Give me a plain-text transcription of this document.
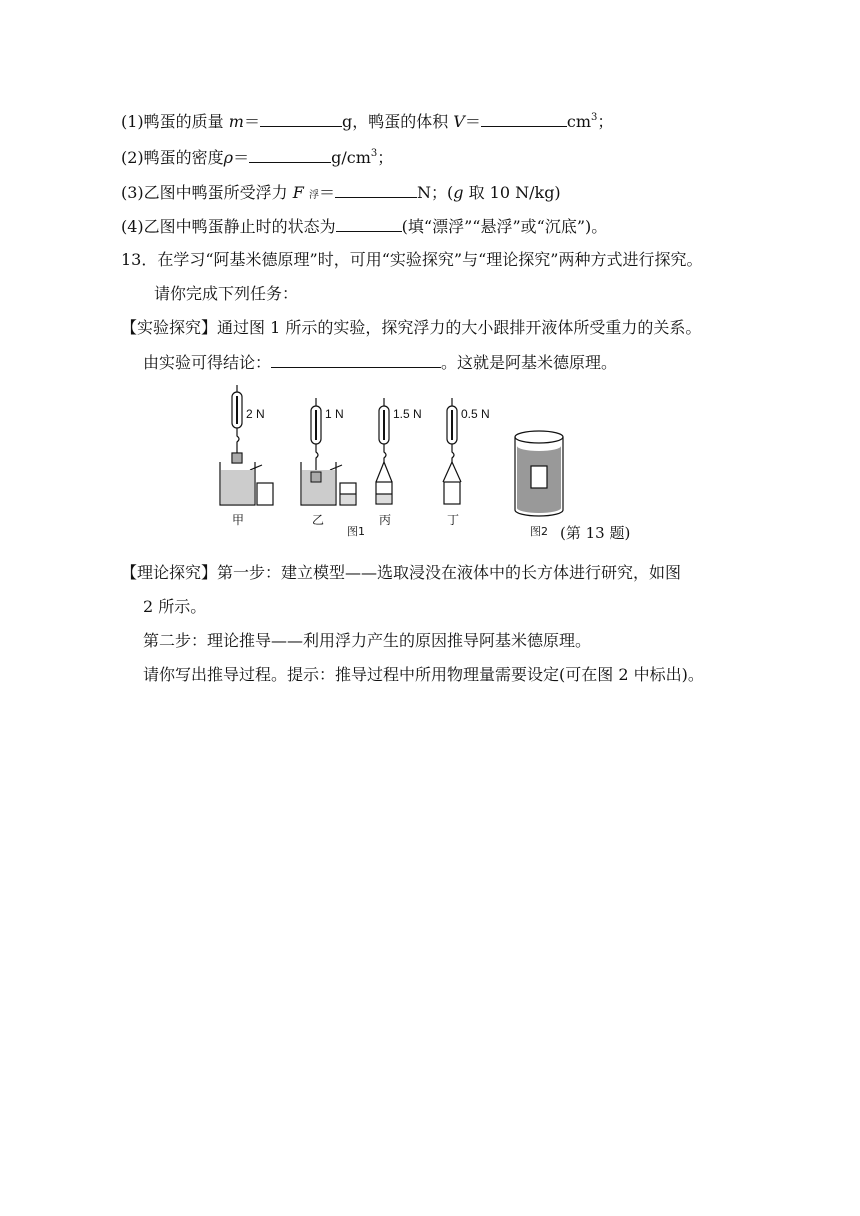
(1)鸭蛋的质量 m＝	g，鸭蛋的体积 V＝	$cm^3$；
(2)鸭蛋的密度ρ＝	$g/cm^3$；
(3)乙图中鸭蛋所受浮力 F 浮＝	N；(g 取 10 N/kg)
(4)乙图中鸭蛋静止时的状态为	(填“漂浮”“悬浮”或“沉底”)。
13．在学习“阿基米德原理”时，可用“实验探究”与“理论探究”两种方式进行探究。
请你完成下列任务：
【实验探究】通过图 1 所示的实验，探究浮力的大小跟排开液体所受重力的关系。
由实验可得结论：	。这就是阿基米德原理。
2 N	1 N	1.5 N	0.5 N
甲	乙	丙	丁
图1	图2 (第 13 题)
【理论探究】第一步：建立模型——选取浸没在液体中的长方体进行研究，如图
2 所示。
第二步：理论推导——利用浮力产生的原因推导阿基米德原理。
请你写出推导过程。提示：推导过程中所用物理量需要设定(可在图 2 中标出)。
